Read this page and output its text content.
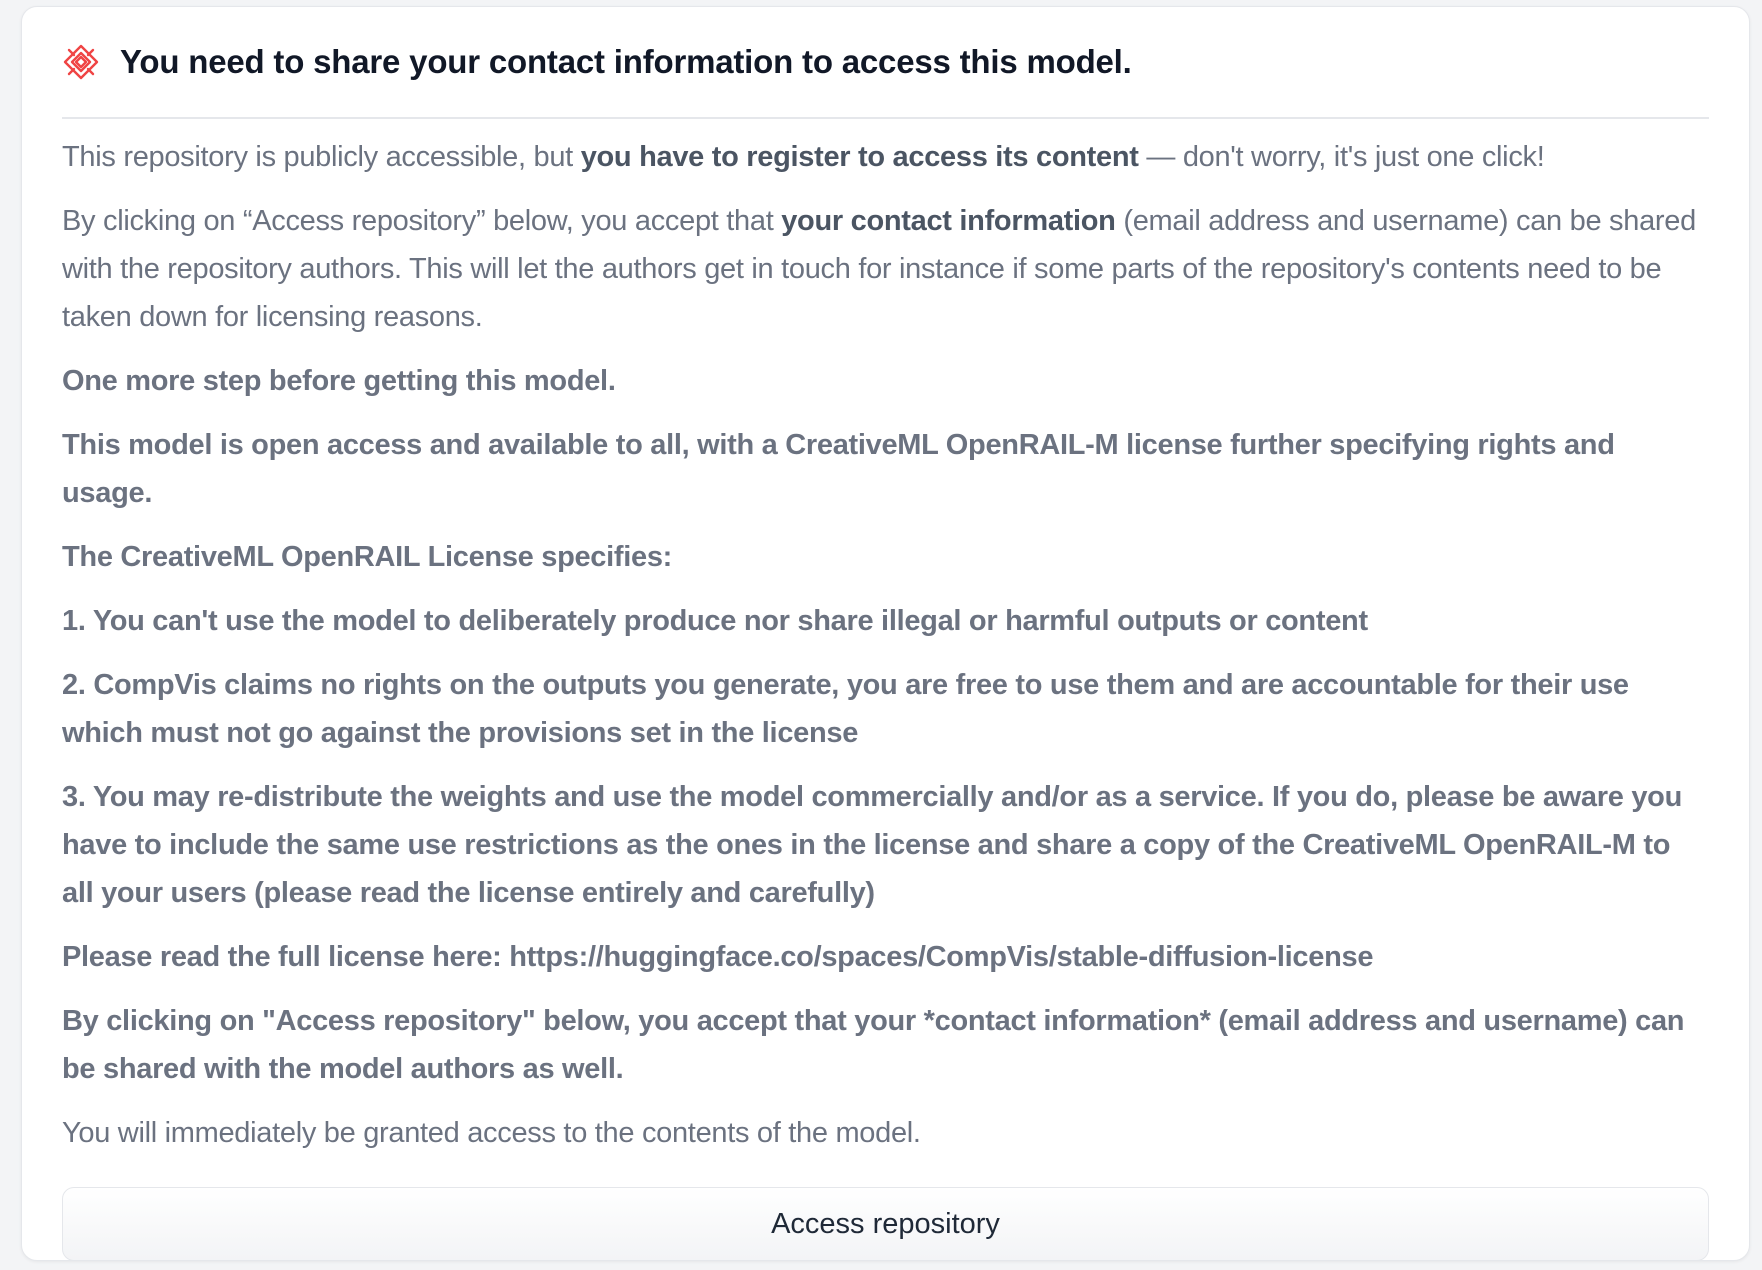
You need to share your contact information to access this model.

This repository is publicly accessible, but you have to register to access its content — don't worry, it's just one click!

By clicking on “Access repository” below, you accept that your contact information (email address and username) can be shared with the repository authors. This will let the authors get in touch for instance if some parts of the repository's contents need to be taken down for licensing reasons.

One more step before getting this model.

This model is open access and available to all, with a CreativeML OpenRAIL-M license further specifying rights and usage.

The CreativeML OpenRAIL License specifies:

1. You can't use the model to deliberately produce nor share illegal or harmful outputs or content

2. CompVis claims no rights on the outputs you generate, you are free to use them and are accountable for their use which must not go against the provisions set in the license

3. You may re-distribute the weights and use the model commercially and/or as a service. If you do, please be aware you have to include the same use restrictions as the ones in the license and share a copy of the CreativeML OpenRAIL-M to all your users (please read the license entirely and carefully)

Please read the full license here: https://huggingface.co/spaces/CompVis/stable-diffusion-license

By clicking on "Access repository" below, you accept that your *contact information* (email address and username) can be shared with the model authors as well.

You will immediately be granted access to the contents of the model.

Access repository
